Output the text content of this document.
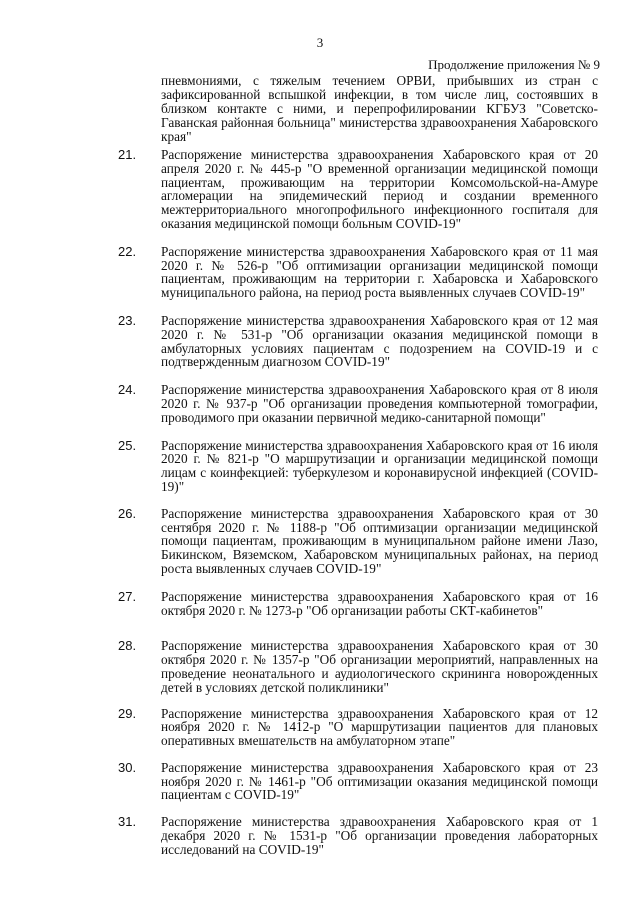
3
Продолжение приложения № 9
пневмониями, с тяжелым течением ОРВИ, прибывших из стран с зафиксированной вспышкой инфекции, в том числе лиц, состоявших в близком контакте с ними, и перепрофилировании КГБУЗ "Советско-Гаванская районная больница" министерства здравоохранения Хабаровского края"
21. Распоряжение министерства здравоохранения Хабаровского края от 20 апреля 2020 г. № 445-р "О временной организации медицинской помощи пациентам, проживающим на территории Комсомольской-на-Амуре агломерации на эпидемический период и создании временного межтерриториального многопрофильного инфекционного госпиталя для оказания медицинской помощи больным COVID-19"
22. Распоряжение министерства здравоохранения Хабаровского края от 11 мая 2020 г. № 526-р "Об оптимизации организации медицинской помощи пациентам, проживающим на территории г. Хабаровска и Хабаровского муниципального района, на период роста выявленных случаев COVID-19"
23. Распоряжение министерства здравоохранения Хабаровского края от 12 мая 2020 г. № 531-р "Об организации оказания медицинской помощи в амбулаторных условиях пациентам с подозрением на COVID-19 и с подтвержденным диагнозом COVID-19"
24. Распоряжение министерства здравоохранения Хабаровского края от 8 июля 2020 г. № 937-р "Об организации проведения компьютерной томографии, проводимого при оказании первичной медико-санитарной помощи"
25. Распоряжение министерства здравоохранения Хабаровского края от 16 июля 2020 г. № 821-р "О маршрутизации и организации медицинской помощи лицам с коинфекцией: туберкулезом и коронавирусной инфекцией (COVID-19)"
26. Распоряжение министерства здравоохранения Хабаровского края от 30 сентября 2020 г. № 1188-р "Об оптимизации организации медицинской помощи пациентам, проживающим в муниципальном районе имени Лазо, Бикинском, Вяземском, Хабаровском муниципальных районах, на период роста выявленных случаев COVID-19"
27. Распоряжение министерства здравоохранения Хабаровского края от 16 октября 2020 г. № 1273-р "Об организации работы СКТ-кабинетов"
28. Распоряжение министерства здравоохранения Хабаровского края от 30 октября 2020 г. № 1357-р "Об организации мероприятий, направленных на проведение неонатального и аудиологического скрининга новорожденных детей в условиях детской поликлиники"
29. Распоряжение министерства здравоохранения Хабаровского края от 12 ноября 2020 г. № 1412-р "О маршрутизации пациентов для плановых оперативных вмешательств на амбулаторном этапе"
30. Распоряжение министерства здравоохранения Хабаровского края от 23 ноября 2020 г. № 1461-р "Об оптимизации оказания медицинской помощи пациентам с COVID-19"
31. Распоряжение министерства здравоохранения Хабаровского края от 1 декабря 2020 г. № 1531-р "Об организации проведения лабораторных исследований на COVID-19"
